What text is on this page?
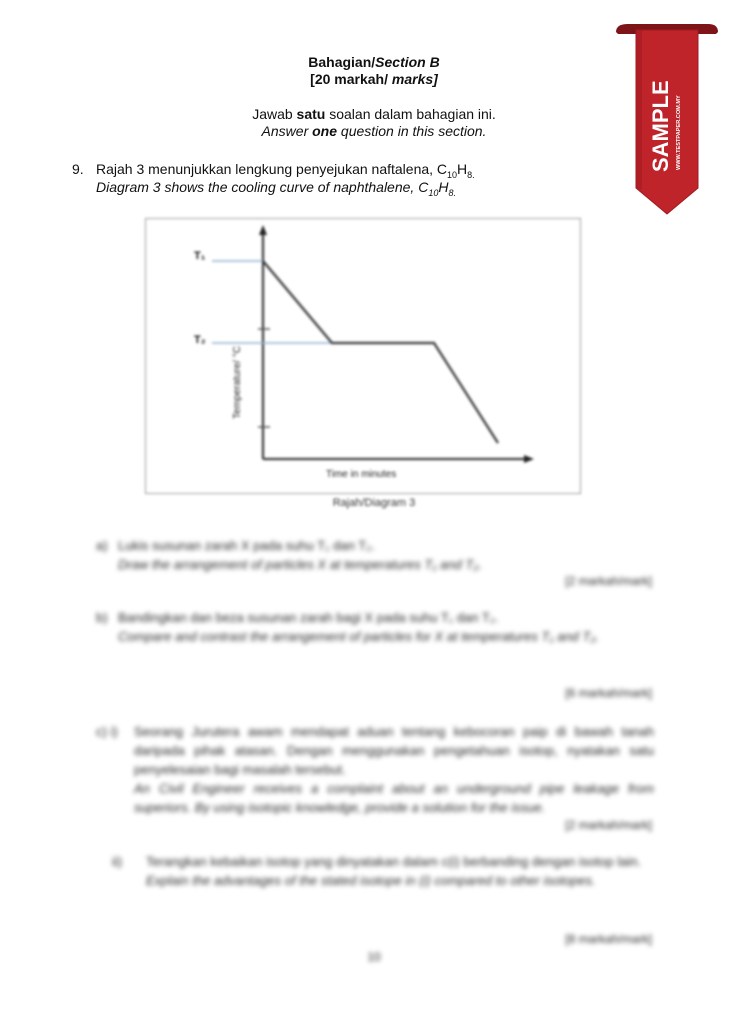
Bahagian/Section B
[20 markah/ marks]
Jawab satu soalan dalam bahagian ini.
Answer one question in this section.
9. Rajah 3 menunjukkan lengkung penyejukan naftalena, $C_{10}H_{8.}$
Diagram 3 shows the cooling curve of naphthalene, $C_{10}H_{8.}$
SAMPLE WWW.TESTPAPER.COM.MY
T₁
T₂
Temperature/ °C
Time in minutes
Rajah/Diagram 3
a) Lukis susunan zarah X pada suhu T₁ dan T₂.
Draw the arrangement of particles X at temperatures T₁ and T₂.
[2 markah/mark]
b) Bandingkan dan beza susunan zarah bagi X pada suhu T₁ dan T₂.
Compare and contrast the arrangement of particles for X at temperatures T₁ and T₂.
[6 markah/mark]
c) i) Seorang Jurutera awam mendapat aduan tentang kebocoran paip di bawah tanah daripada pihak atasan. Dengan menggunakan pengetahuan isotop, nyatakan satu penyelesaian bagi masalah tersebut.
An Civil Engineer receives a complaint about an underground pipe leakage from superiors. By using isotopic knowledge, provide a solution for the issue.
[2 markah/mark]
ii) Terangkan kebaikan isotop yang dinyatakan dalam c(i) berbanding dengan isotop lain.
Explain the advantages of the stated isotope in (i) compared to other isotopes.
[8 markah/mark]
10
